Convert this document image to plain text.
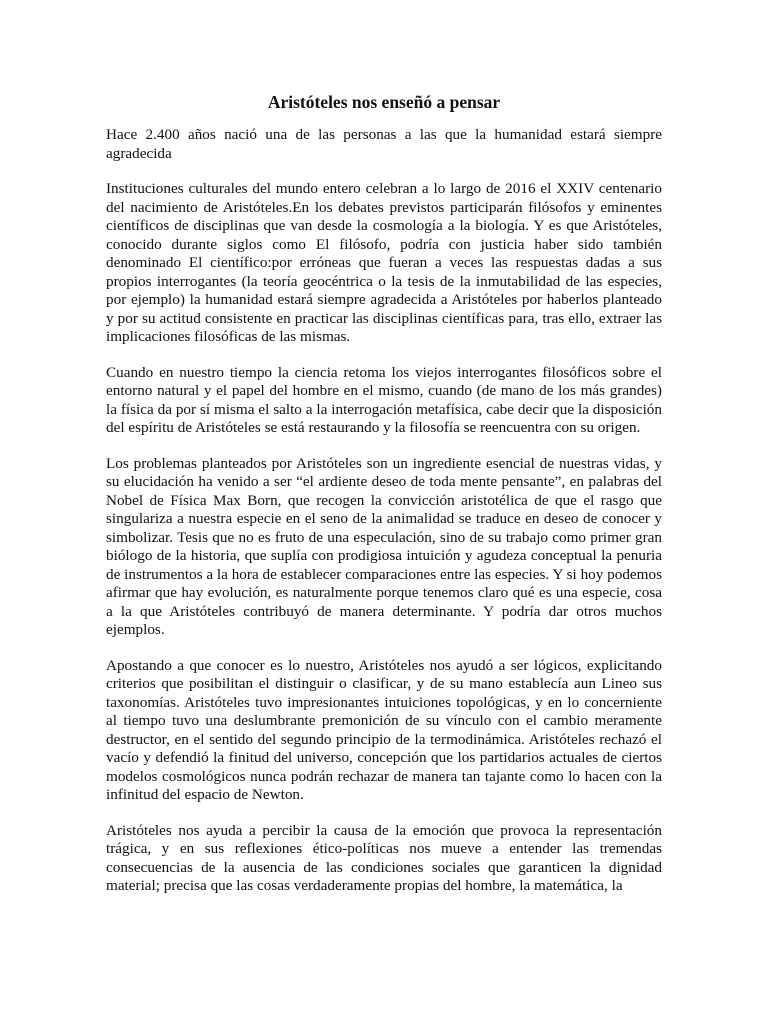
Aristóteles nos enseñó a pensar

Hace 2.400 años nació una de las personas a las que la humanidad estará siempre agradecida

Instituciones culturales del mundo entero celebran a lo largo de 2016 el XXIV centenario del nacimiento de Aristóteles.En los debates previstos participarán filósofos y eminentes científicos de disciplinas que van desde la cosmología a la biología. Y es que Aristóteles, conocido durante siglos como El filósofo, podría con justicia haber sido también denominado El científico:por erróneas que fueran a veces las respuestas dadas a sus propios interrogantes (la teoría geocéntrica o la tesis de la inmutabilidad de las especies, por ejemplo) la humanidad estará siempre agradecida a Aristóteles por haberlos planteado y por su actitud consistente en practicar las disciplinas científicas para, tras ello, extraer las implicaciones filosóficas de las mismas.

Cuando en nuestro tiempo la ciencia retoma los viejos interrogantes filosóficos sobre el entorno natural y el papel del hombre en el mismo, cuando (de mano de los más grandes) la física da por sí misma el salto a la interrogación metafísica, cabe decir que la disposición del espíritu de Aristóteles se está restaurando y la filosofía se reencuentra con su origen.

Los problemas planteados por Aristóteles son un ingrediente esencial de nuestras vidas, y su elucidación ha venido a ser “el ardiente deseo de toda mente pensante”, en palabras del Nobel de Física Max Born, que recogen la convicción aristotélica de que el rasgo que singulariza a nuestra especie en el seno de la animalidad se traduce en deseo de conocer y simbolizar. Tesis que no es fruto de una especulación, sino de su trabajo como primer gran biólogo de la historia, que suplía con prodigiosa intuición y agudeza conceptual la penuria de instrumentos a la hora de establecer comparaciones entre las especies. Y si hoy podemos afirmar que hay evolución, es naturalmente porque tenemos claro qué es una especie, cosa a la que Aristóteles contribuyó de manera determinante. Y podría dar otros muchos ejemplos.

Apostando a que conocer es lo nuestro, Aristóteles nos ayudó a ser lógicos, explicitando criterios que posibilitan el distinguir o clasificar, y de su mano establecía aun Lineo sus taxonomías. Aristóteles tuvo impresionantes intuiciones topológicas, y en lo concerniente al tiempo tuvo una deslumbrante premonición de su vínculo con el cambio meramente destructor, en el sentido del segundo principio de la termodinámica. Aristóteles rechazó el vacío y defendió la finitud del universo, concepción que los partidarios actuales de ciertos modelos cosmológicos nunca podrán rechazar de manera tan tajante como lo hacen con la infinitud del espacio de Newton.

Aristóteles nos ayuda a percibir la causa de la emoción que provoca la representación trágica, y en sus reflexiones ético-políticas nos mueve a entender las tremendas consecuencias de la ausencia de las condiciones sociales que garanticen la dignidad material; precisa que las cosas verdaderamente propias del hombre, la matemática, la
